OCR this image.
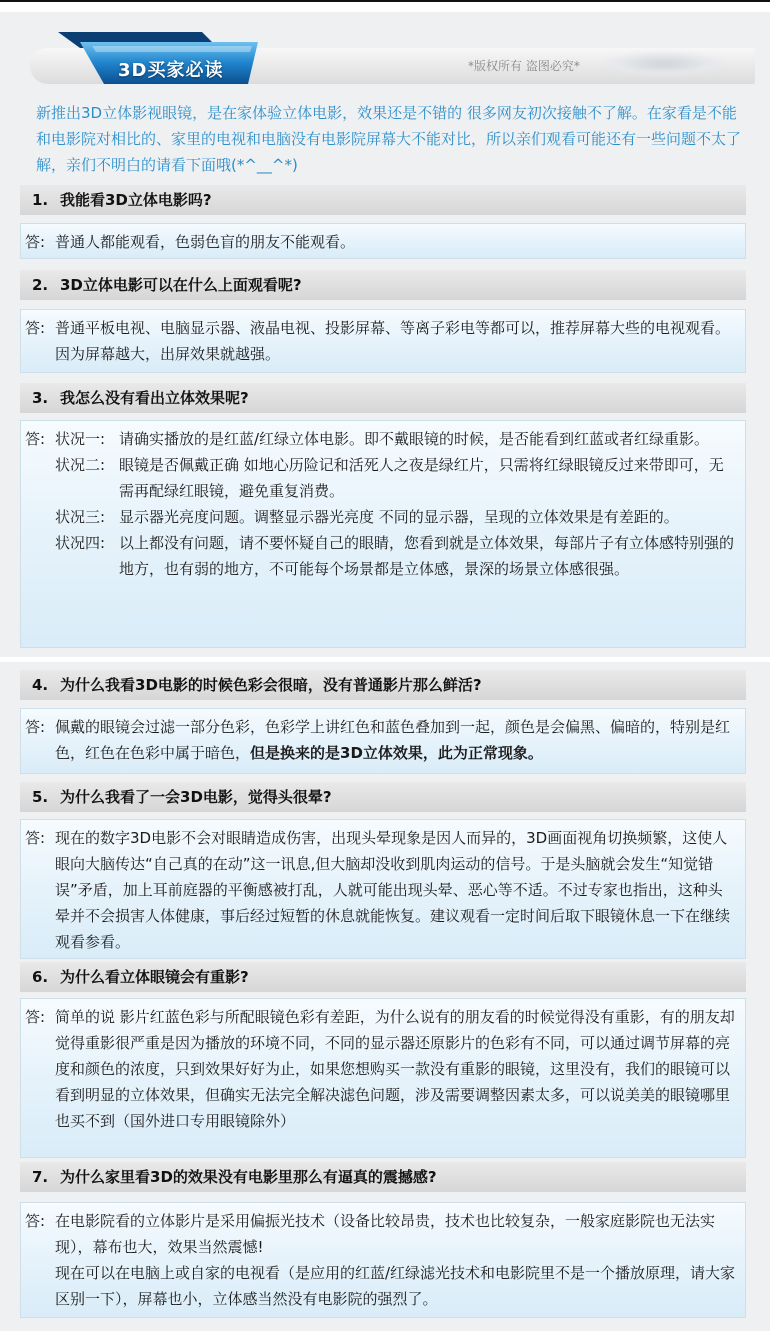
3D买家必读	*版权所有 盗图必究*
新推出3D立体影视眼镜，是在家体验立体电影，效果还是不错的 很多网友初次接触不了解。在家看是不能和电影院对相比的、家里的电视和电脑没有电影院屏幕大不能对比，所以亲们观看可能还有一些问题不太了解，亲们不明白的请看下面哦(*^__^*)
1. 我能看3D立体电影吗?
答: 普通人都能观看，色弱色盲的朋友不能观看。
2. 3D立体电影可以在什么上面观看呢?
答: 普通平板电视、电脑显示器、液晶电视、投影屏幕、等离子彩电等都可以，推荐屏幕大些的电视观看。因为屏幕越大，出屏效果就越强。
3. 我怎么没有看出立体效果呢?
答: 状况一: 请确实播放的是红蓝/红绿立体电影。即不戴眼镜的时候，是否能看到红蓝或者红绿重影。
状况二: 眼镜是否佩戴正确 如地心历险记和活死人之夜是绿红片，只需将红绿眼镜反过来带即可，无需再配绿红眼镜，避免重复消费。
状况三: 显示器光亮度问题。调整显示器光亮度 不同的显示器，呈现的立体效果是有差距的。
状况四: 以上都没有问题，请不要怀疑自己的眼睛，您看到就是立体效果，每部片子有立体感特别强的地方，也有弱的地方，不可能每个场景都是立体感，景深的场景立体感很强。
4. 为什么我看3D电影的时候色彩会很暗，没有普通影片那么鲜活?
答: 佩戴的眼镜会过滤一部分色彩，色彩学上讲红色和蓝色叠加到一起，颜色是会偏黑、偏暗的，特别是红色，红色在色彩中属于暗色，但是换来的是3D立体效果，此为正常现象。
5. 为什么我看了一会3D电影，觉得头很晕?
答: 现在的数字3D电影不会对眼睛造成伤害，出现头晕现象是因人而异的，3D画面视角切换频繁，这使人眼向大脑传达“自己真的在动”这一讯息,但大脑却没收到肌肉运动的信号。于是头脑就会发生“知觉错误”矛盾，加上耳前庭器的平衡感被打乱，人就可能出现头晕、恶心等不适。不过专家也指出，这种头晕并不会损害人体健康，事后经过短暂的休息就能恢复。建议观看一定时间后取下眼镜休息一下在继续观看参看。
6. 为什么看立体眼镜会有重影?
答: 简单的说 影片红蓝色彩与所配眼镜色彩有差距，为什么说有的朋友看的时候觉得没有重影，有的朋友却觉得重影很严重是因为播放的环境不同，不同的显示器还原影片的色彩有不同，可以通过调节屏幕的亮度和颜色的浓度，只到效果好好为止，如果您想购买一款没有重影的眼镜，这里没有，我们的眼镜可以看到明显的立体效果，但确实无法完全解决滤色问题，涉及需要调整因素太多，可以说美美的眼镜哪里也买不到（国外进口专用眼镜除外）
7. 为什么家里看3D的效果没有电影里那么有逼真的震撼感?
答: 在电影院看的立体影片是采用偏振光技术（设备比较昂贵，技术也比较复杂，一般家庭影院也无法实现），幕布也大，效果当然震憾!

现在可以在电脑上或自家的电视看（是应用的红蓝/红绿滤光技术和电影院里不是一个播放原理，请大家区别一下），屏幕也小，立体感当然没有电影院的强烈了。
